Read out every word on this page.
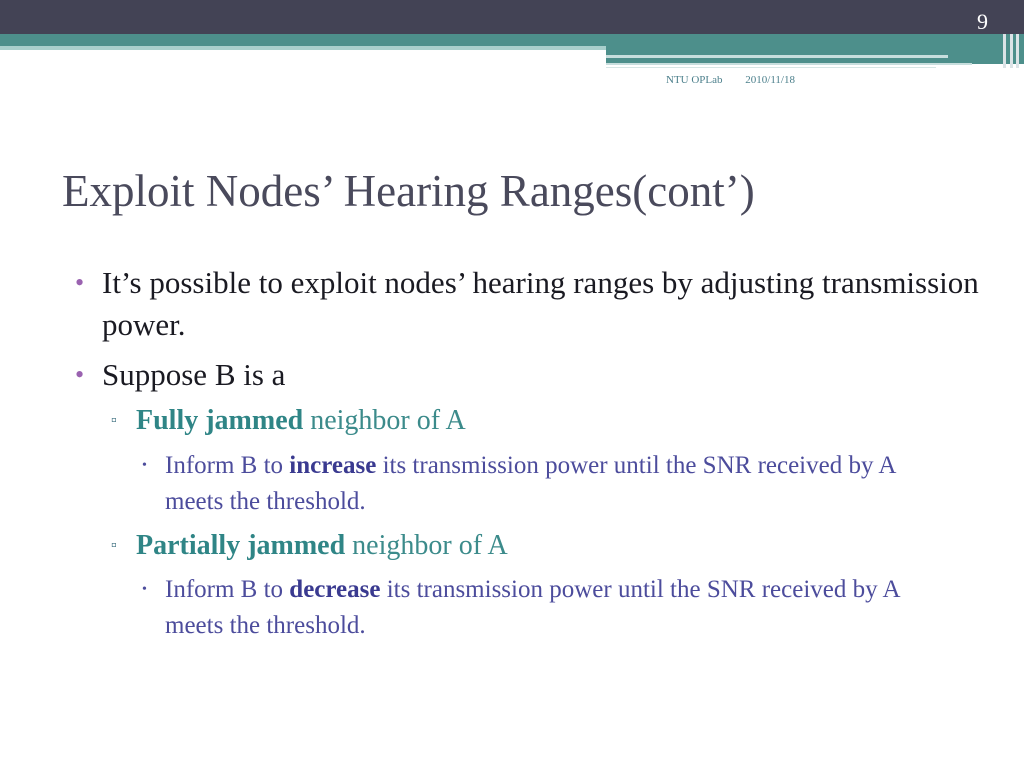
9
NTU OPLab 2010/11/18
Exploit Nodes’ Hearing Ranges(cont’)
• It’s possible to exploit nodes’ hearing ranges by adjusting transmission power.
• Suppose B is a
▫ Fully jammed neighbor of A
• Inform B to increase its transmission power until the SNR received by A meets the threshold.
▫ Partially jammed neighbor of A
• Inform B to decrease its transmission power until the SNR received by A meets the threshold.
